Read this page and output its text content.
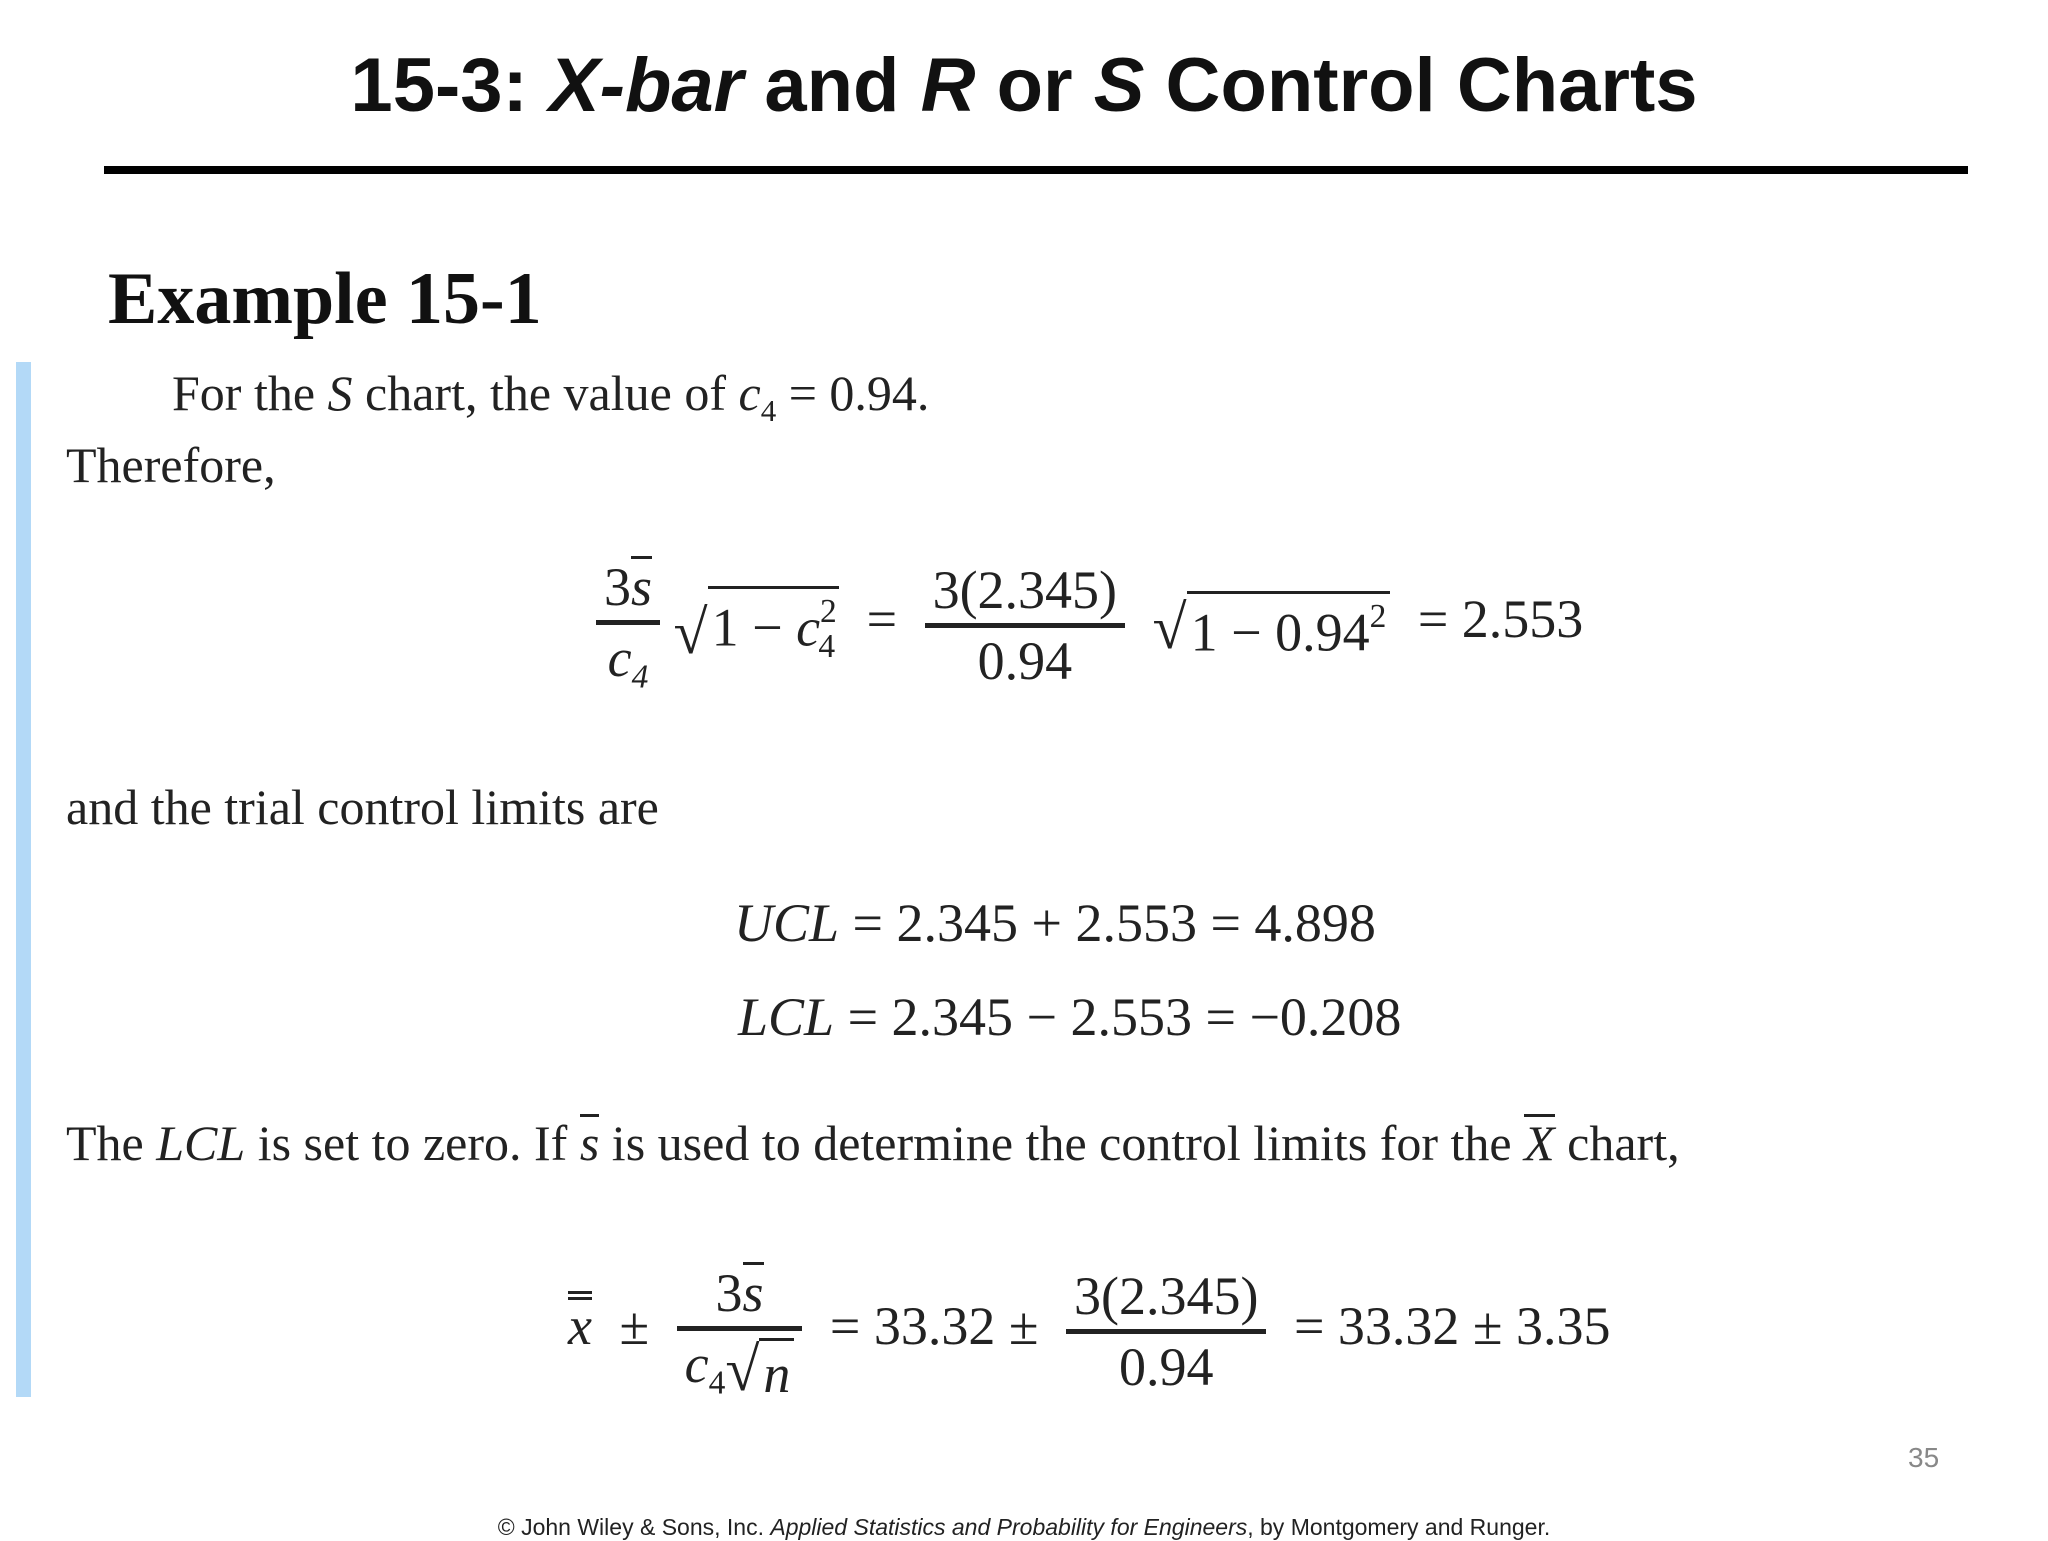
15-3: X-bar and R or S Control Charts
Example 15-1
For the S chart, the value of $c_4 = 0.94$.
Therefore,
$\frac{3s}{c_4}$
√ $1 - c^2_4 = \frac{3(2.345)}{0.94}$
√ $1 - 0.94^2 = 2.553$
and the trial control limits are
UCL = 2.345 + 2.553 = 4.898
LCL = 2.345 − 2.553 = −0.208
The LCL is set to zero. If s is used to determine the control limits for the X chart,
$x \pm \frac{3s}{c_4 √ n} = 33.32 \pm \frac{3(2.345)}{0.94} = 33.32 \pm 3.35$
35
© John Wiley & Sons, Inc. Applied Statistics and Probability for Engineers, by Montgomery and Runger.
